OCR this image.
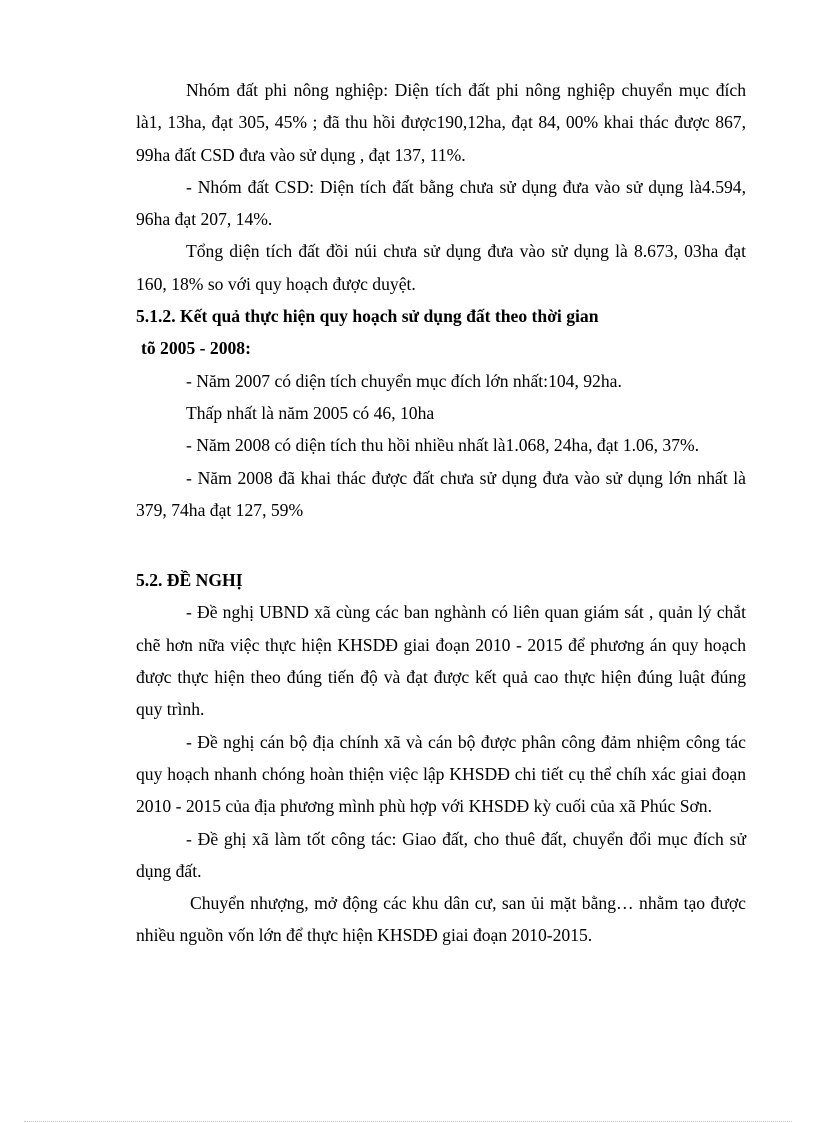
Nhóm đất phi nông nghiệp: Diện tích đất phi nông nghiệp chuyển mục đích là1, 13ha, đạt 305, 45% ; đã thu hồi được190,12ha, đạt 84, 00% khai thác được 867, 99ha đất CSD đưa vào sử dụng , đạt 137, 11%.

- Nhóm đất CSD: Diện tích đất bằng chưa sử dụng đưa vào sử dụng là4.594, 96ha đạt 207, 14%.

Tổng diện tích đất đồi núi chưa sử dụng đưa vào sử dụng là 8.673, 03ha đạt 160, 18% so với quy hoạch được duyệt.

5.1.2. Kết quả thực hiện quy hoạch sử dụng đất theo thời gian

tõ 2005 - 2008:

- Năm 2007 có diện tích chuyển mục đích lớn nhất:104, 92ha.

Thấp nhất là năm 2005 có 46, 10ha

- Năm 2008 có diện tích thu hồi nhiều nhất là1.068, 24ha, đạt 1.06, 37%.

- Năm 2008 đã khai thác được đất chưa sử dụng đưa vào sử dụng lớn nhất là 379, 74ha đạt 127, 59%

5.2. ĐỀ NGHỊ

- Đề nghị UBND xã cùng các ban nghành có liên quan giám sát , quản lý chắt chẽ hơn nữa việc thực hiện KHSDĐ giai đoạn 2010 - 2015 để phương án quy hoạch được thực hiện theo đúng tiến độ và đạt được kết quả cao thực hiện đúng luật đúng quy trình.

- Đề nghị cán bộ địa chính xã và cán bộ được phân công đảm nhiệm công tác quy hoạch nhanh chóng hoàn thiện việc lập KHSDĐ chi tiết cụ thể chíh xác giai đoạn 2010 - 2015 của địa phương mình phù hợp với KHSDĐ kỳ cuối của xã Phúc Sơn.

- Đề ghị xã làm tốt công tác: Giao đất, cho thuê đất, chuyển đổi mục đích sử dụng đất.

Chuyển nhượng, mở động các khu dân cư, san ủi mặt bằng… nhằm tạo được nhiều nguồn vốn lớn để thực hiện KHSDĐ giai đoạn 2010-2015.
